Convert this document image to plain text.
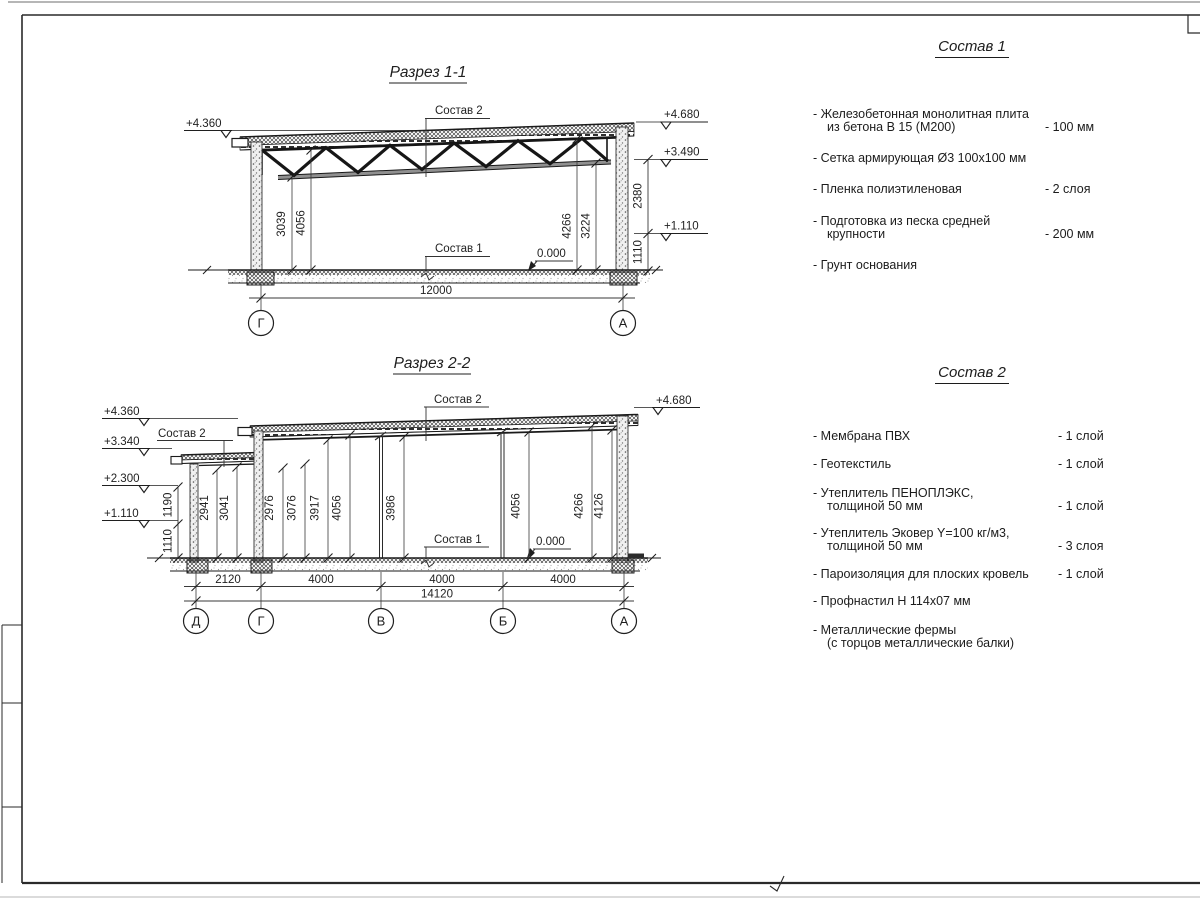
Разрез 1-1
Состав 2
Состав 1	0.000
+4.360
+4.680
+3.490
+1.110
2380
1110
3039 4056	4266 3224
12000
Г	А
Разрез 2-2
Состав 2
Состав 2
Состав 1	0.000
+4.360
+3.340
+2.300
+1.110
+4.680
1190
1110
2941 3041	2976 3076 3917 4056	3986	4056	4266 4126
2120	4000	4000	4000
14120
Д	Г	В	Б	А
Состав 1
- Железобетонная монолитная плита
из бетона В 15 (М200)	- 100 мм
- Сетка армирующая Ø3 100х100 мм
- Пленка полиэтиленовая	- 2 слоя
- Подготовка из песка средней
крупности	- 200 мм
- Грунт основания
Состав 2
- Мембрана ПВХ	- 1 слой
- Геотекстиль	- 1 слой
- Утеплитель ПЕНОПЛЭКС,
толщиной 50 мм	- 1 слой
- Утеплитель Эковер Y=100 кг/м3,
толщиной 50 мм	- 3 слоя
- Пароизоляция для плоских кровель	- 1 слой
- Профнастил Н 114х07 мм
- Металлические фермы
(с торцов металлические балки)
